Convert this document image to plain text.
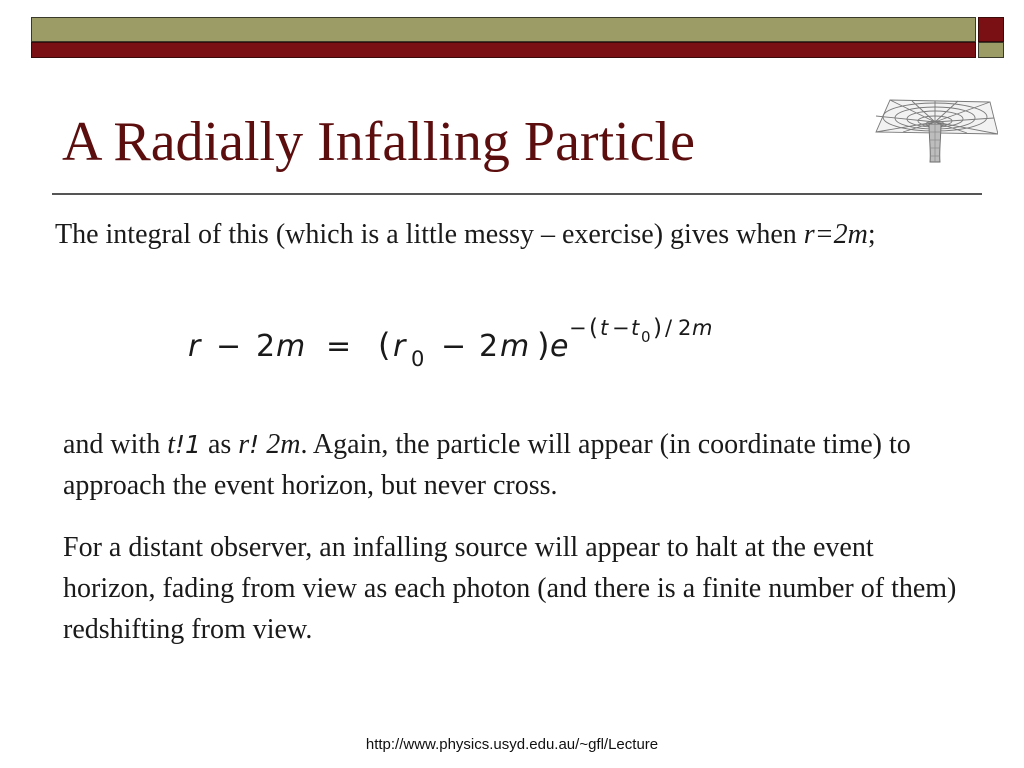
A Radially Infalling Particle

The integral of this (which is a little messy – exercise) gives when r=2m;

r − 2 m = ( r 0 − 2 m ) e
− ( t − t 0 ) / 2 m

and with t!1 as r! 2m. Again, the particle will appear (in coordinate time) to approach the event horizon, but never cross.

For a distant observer, an infalling source will appear to halt at the event horizon, fading from view as each photon (and there is a finite number of them) redshifting from view.

http://www.physics.usyd.edu.au/~gfl/Lecture
